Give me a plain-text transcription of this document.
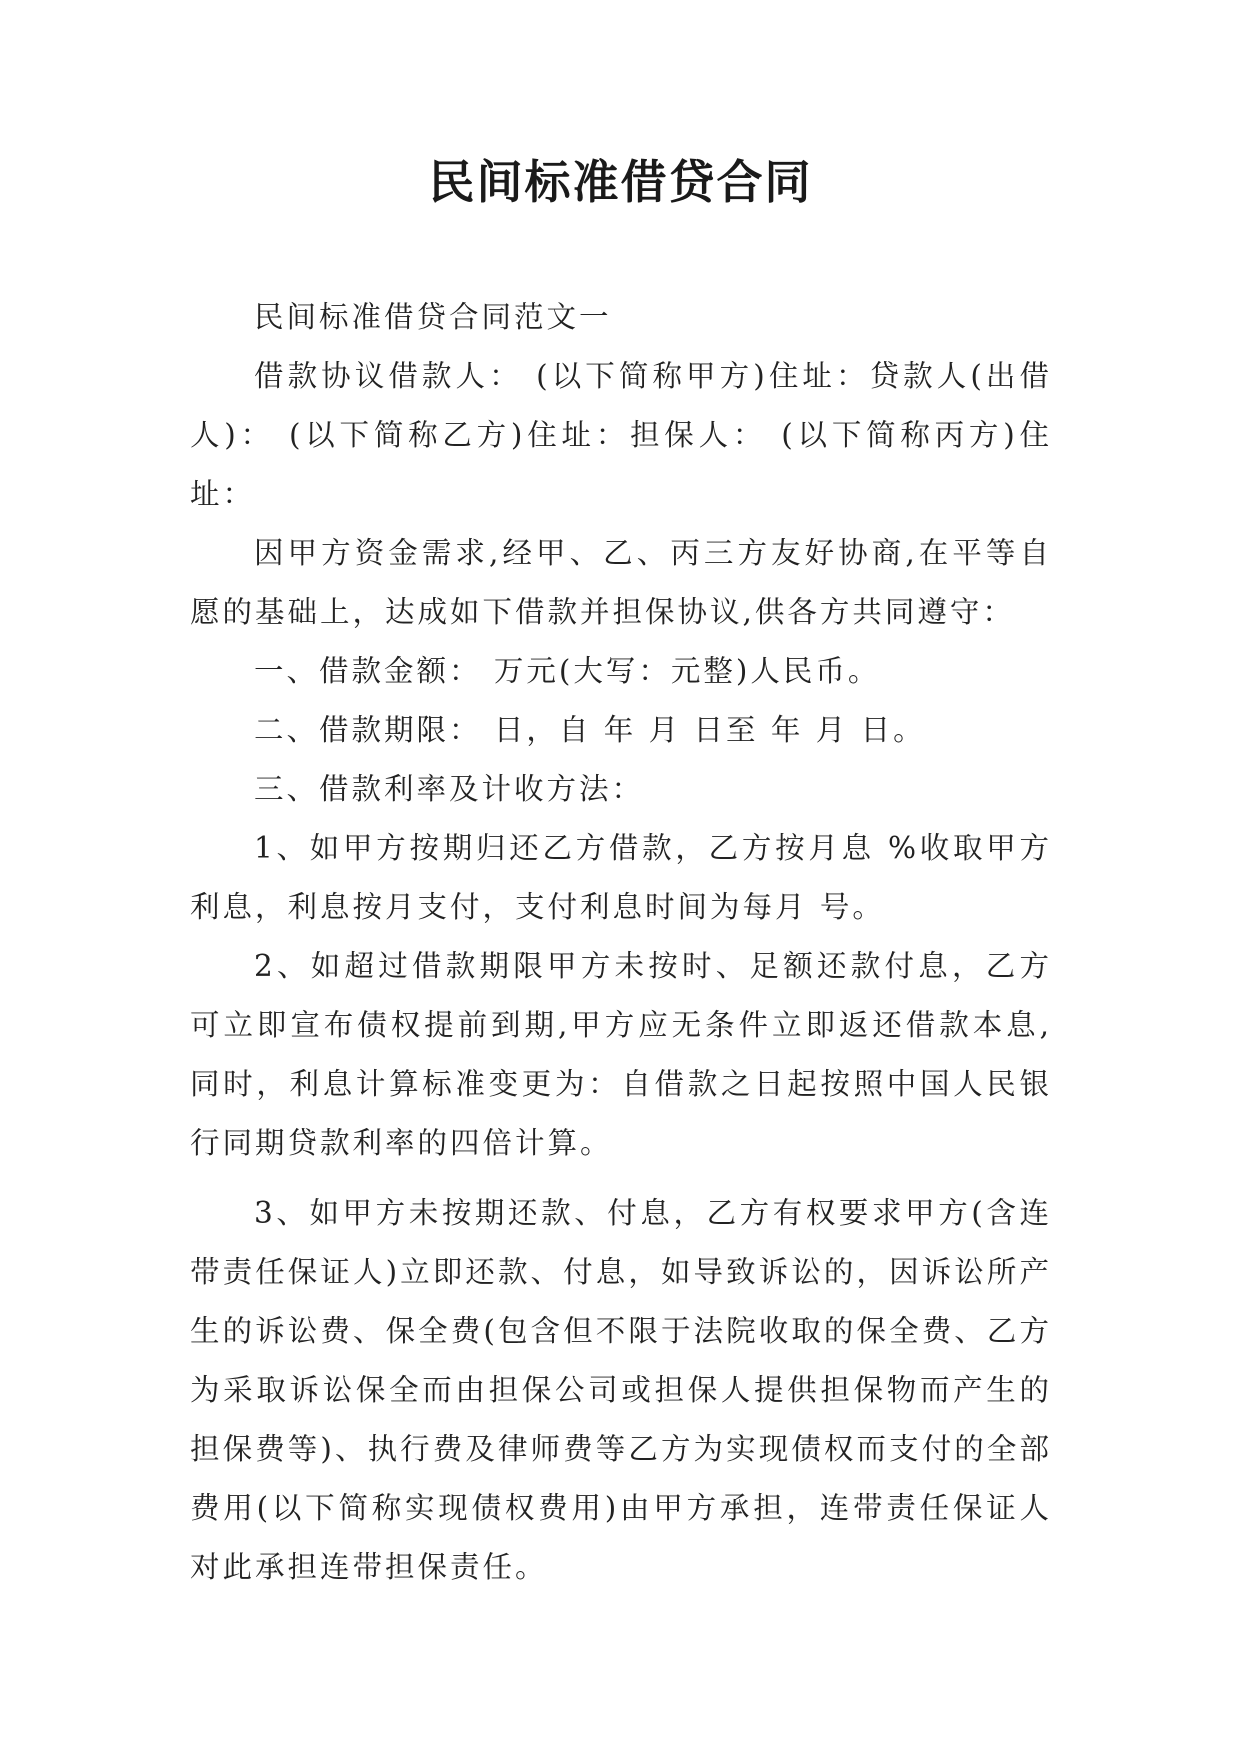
民间标准借贷合同

民间标准借贷合同范文一

借款协议借款人： (以下简称甲方)住址：贷款人(出借人)： (以下简称乙方)住址：担保人： (以下简称丙方)住址：

因甲方资金需求,经甲、乙、丙三方友好协商,在平等自愿的基础上，达成如下借款并担保协议,供各方共同遵守：

一、借款金额： 万元(大写：元整)人民币。

二、借款期限： 日，自 年 月 日至 年 月 日。

三、借款利率及计收方法：

1、如甲方按期归还乙方借款，乙方按月息 %收取甲方利息，利息按月支付，支付利息时间为每月 号。

2、如超过借款期限甲方未按时、足额还款付息，乙方可立即宣布债权提前到期,甲方应无条件立即返还借款本息,同时，利息计算标准变更为：自借款之日起按照中国人民银行同期贷款利率的四倍计算。

3、如甲方未按期还款、付息，乙方有权要求甲方(含连带责任保证人)立即还款、付息，如导致诉讼的，因诉讼所产生的诉讼费、保全费(包含但不限于法院收取的保全费、乙方为采取诉讼保全而由担保公司或担保人提供担保物而产生的担保费等)、执行费及律师费等乙方为实现债权而支付的全部费用(以下简称实现债权费用)由甲方承担，连带责任保证人对此承担连带担保责任。
